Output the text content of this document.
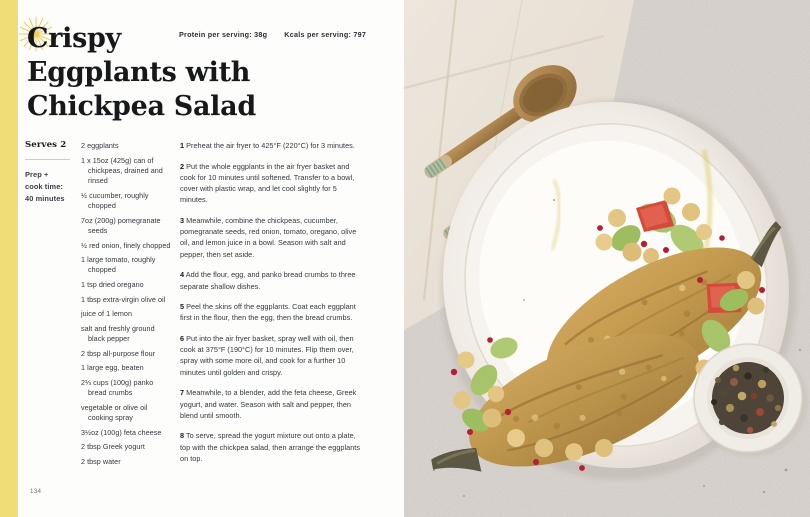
Crispy
Eggplants with
Chickpea Salad
Protein per serving: 38g Kcals per serving: 797
Serves 2
Prep +
cook time:
40 minutes
2 eggplants
1 x 15oz (425g) can of chickpeas, drained and rinsed
½ cucumber, roughly chopped
7oz (200g) pomegranate seeds
½ red onion, finely chopped
1 large tomato, roughly chopped
1 tsp dried oregano
1 tbsp extra-virgin olive oil
juice of 1 lemon
salt and freshly ground black pepper
2 tbsp all-purpose flour
1 large egg, beaten
2⅓ cups (100g) panko bread crumbs
vegetable or olive oil cooking spray
3½oz (100g) feta cheese
2 tbsp Greek yogurt
2 tbsp water
1 Preheat the air fryer to 425°F (220°C) for 3 minutes.
2 Put the whole eggplants in the air fryer basket and cook for 10 minutes until softened. Transfer to a bowl, cover with plastic wrap, and let cool slightly for 5 minutes.
3 Meanwhile, combine the chickpeas, cucumber, pomegranate seeds, red onion, tomato, oregano, olive oil, and lemon juice in a bowl. Season with salt and pepper, then set aside.
4 Add the flour, egg, and panko bread crumbs to three separate shallow dishes.
5 Peel the skins off the eggplants. Coat each eggplant first in the flour, then the egg, then the bread crumbs.
6 Put into the air fryer basket, spray well with oil, then cook at 375°F (190°C) for 10 minutes. Flip them over, spray with some more oil, and cook for a further 10 minutes until golden and crispy.
7 Meanwhile, to a blender, add the feta cheese, Greek yogurt, and water. Season with salt and pepper, then blend until smooth.
8 To serve, spread the yogurt mixture out onto a plate, top with the chickpea salad, then arrange the eggplants on top.
134
